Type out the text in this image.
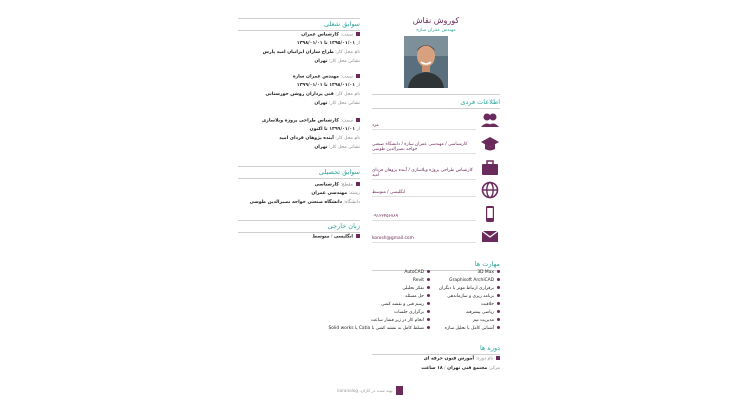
سوابق شغلی
سمت: کارشناس عمران
از ۱۳۹۵/۰۱/۰۱ تا ۱۳۹۸/۰۱/۰۱
نام محل کار: طراح سازان ایرانیان امید پارس
نشانی محل کار: تهران
سمت: مهندس عمران سازه
از ۱۳۹۸/۰۱/۰۱ تا ۱۳۹۹/۰۱/۰۱
نام محل کار: فنی پردازان روشن خوزستانی
نشانی محل کار: تهران
سمت: کارشناس طراحی پروژه ویلاسازی
از ۱۳۹۹/۰۱/۰۱ تا اکنون
نام محل کار: آینده پژوهان فردای امید
نشانی محل کار: تهران
سوابق تحصیلی
مقطع: کارشناسی
رشته: مهندسی عمران
دانشگاه: دانشگاه صنعتی خواجه نصیرالدین طوسی
زبان خارجی
انگلیسی / متوسط
کوروش نقاش
مهندس عمران سازه
اطلاعات فردی
مرد
کارشناسی / مهندسی عمران سازه / دانشگاه صنعتی خواجه نصیرالدین طوسی
کارشناس طراحی پروژه ویلاسازی / آینده پژوهان فردای امید
انگلیسی / متوسط
۰۹۱۲۳۴۵۶۷۸۹
korosh@gmail.com
مهارت ها
3D Max
Graphisoft ArchiCAD
برقراری ارتباط موثر با دیگران
برنامه ریزی و سازماندهی
خلاقیت
ریاضی پیشرفته
مدیریت تیم
آشنایی کامل با تحلیل سازه
AutoCAD
Revit
تفکر تحلیلی
حل مسئله
رسم فنی و نقشه کشی
برگزاری جلسات
انجام کار در زیر فشار ساعت
تسلط کامل به نقشه کشی با Catia یا Solid works
دوره ها
نام دوره: آموزش فنون حرفه ای
مرکز: مجتمع فنی تهران / ۱۸ ساعت
تهیه شده در کاران، karanolog
